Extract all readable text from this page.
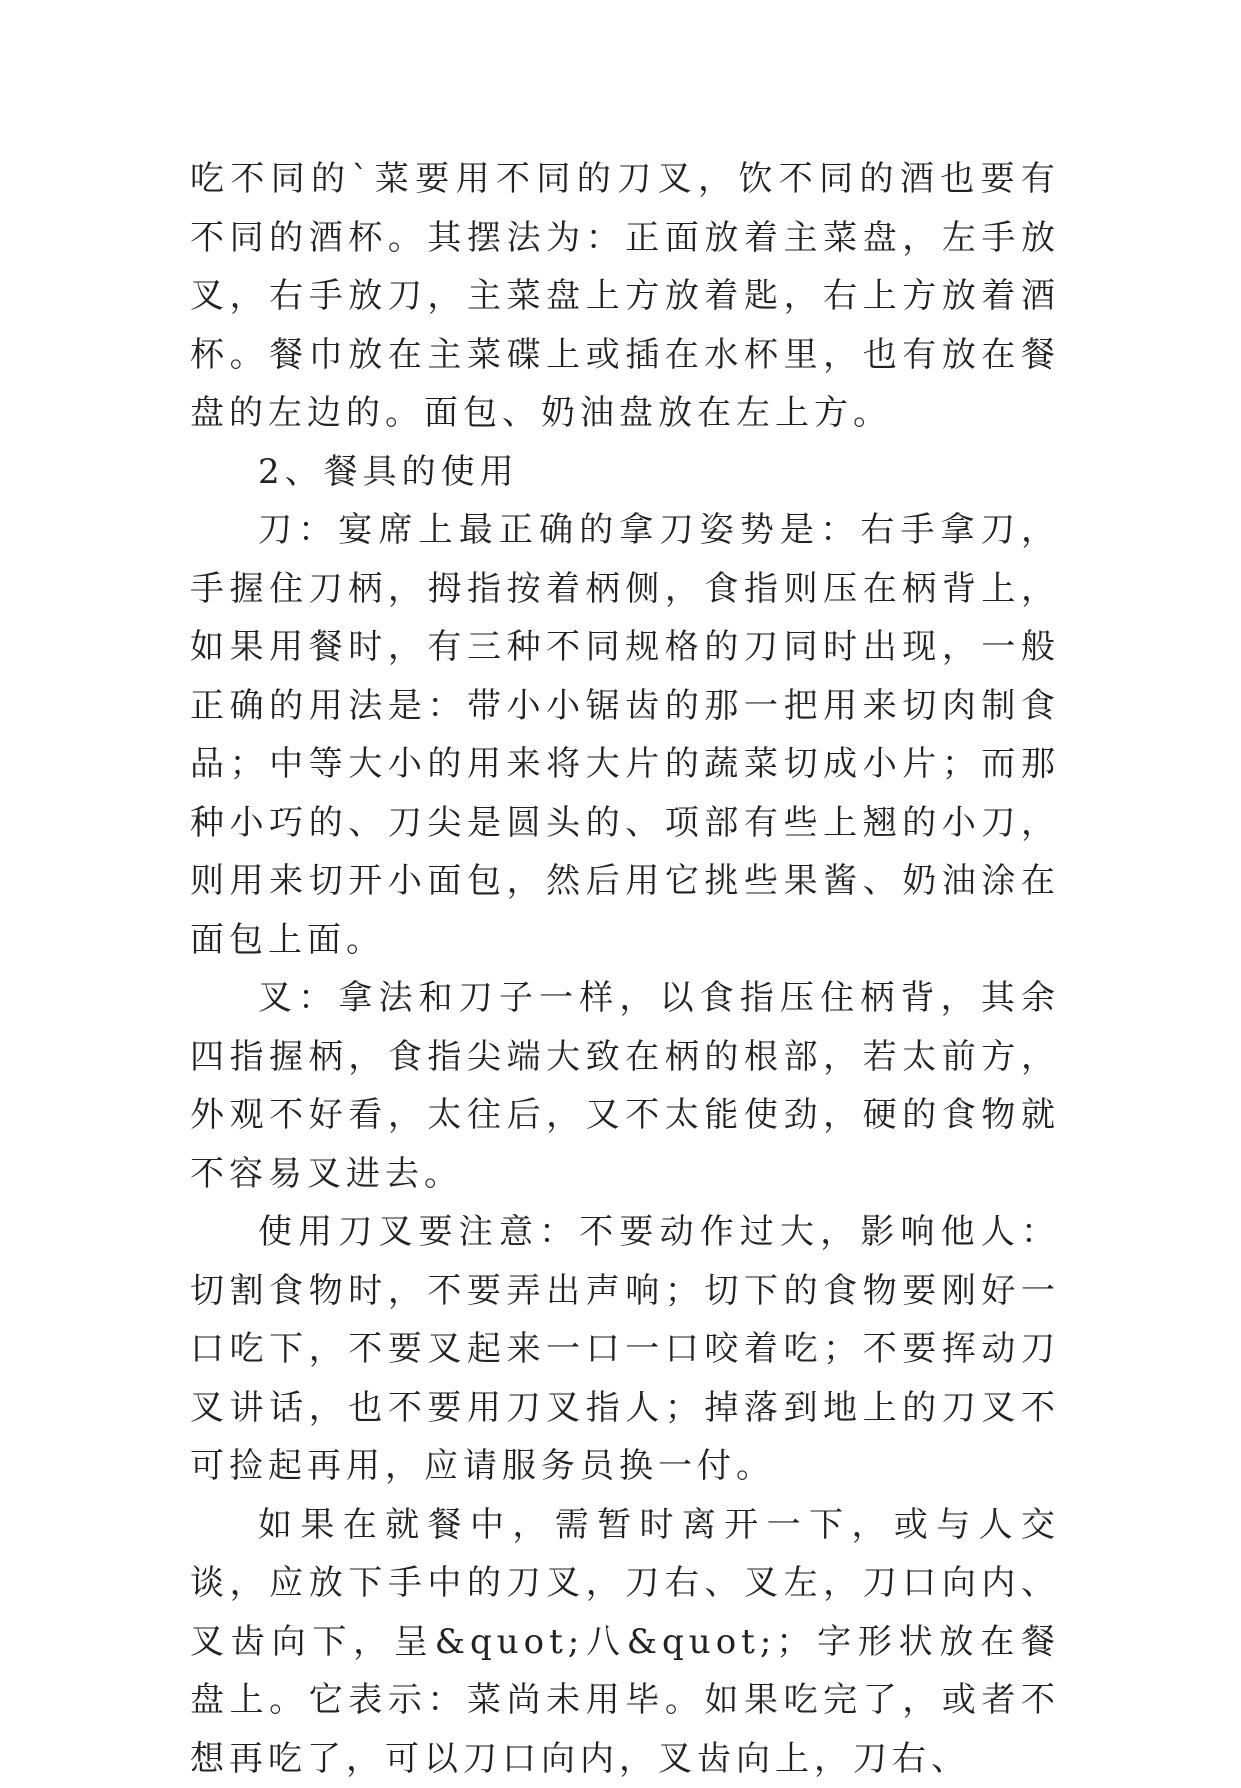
吃不同的`菜要用不同的刀叉，饮不同的酒也要有不同的酒杯。其摆法为：正面放着主菜盘，左手放叉，右手放刀，主菜盘上方放着匙，右上方放着酒杯。餐巾放在主菜碟上或插在水杯里，也有放在餐盘的左边的。面包、奶油盘放在左上方。

2、餐具的使用

刀：宴席上最正确的拿刀姿势是：右手拿刀，手握住刀柄，拇指按着柄侧，食指则压在柄背上，如果用餐时，有三种不同规格的刀同时出现，一般正确的用法是：带小小锯齿的那一把用来切肉制食品；中等大小的用来将大片的蔬菜切成小片；而那种小巧的、刀尖是圆头的、项部有些上翘的小刀，则用来切开小面包，然后用它挑些果酱、奶油涂在面包上面。

叉：拿法和刀子一样，以食指压住柄背，其余四指握柄，食指尖端大致在柄的根部，若太前方，外观不好看，太往后，又不太能使劲，硬的食物就不容易叉进去。

使用刀叉要注意：不要动作过大，影响他人：切割食物时，不要弄出声响；切下的食物要刚好一口吃下，不要叉起来一口一口咬着吃；不要挥动刀叉讲话，也不要用刀叉指人；掉落到地上的刀叉不可捡起再用，应请服务员换一付。

如果在就餐中，需暂时离开一下，或与人交谈，应放下手中的刀叉，刀右、叉左，刀口向内、叉齿向下，呈&quot;八&quot;；字形状放在餐盘上。它表示：菜尚未用毕。如果吃完了，或者不想再吃了，可以刀口向内，叉齿向上，刀右、
